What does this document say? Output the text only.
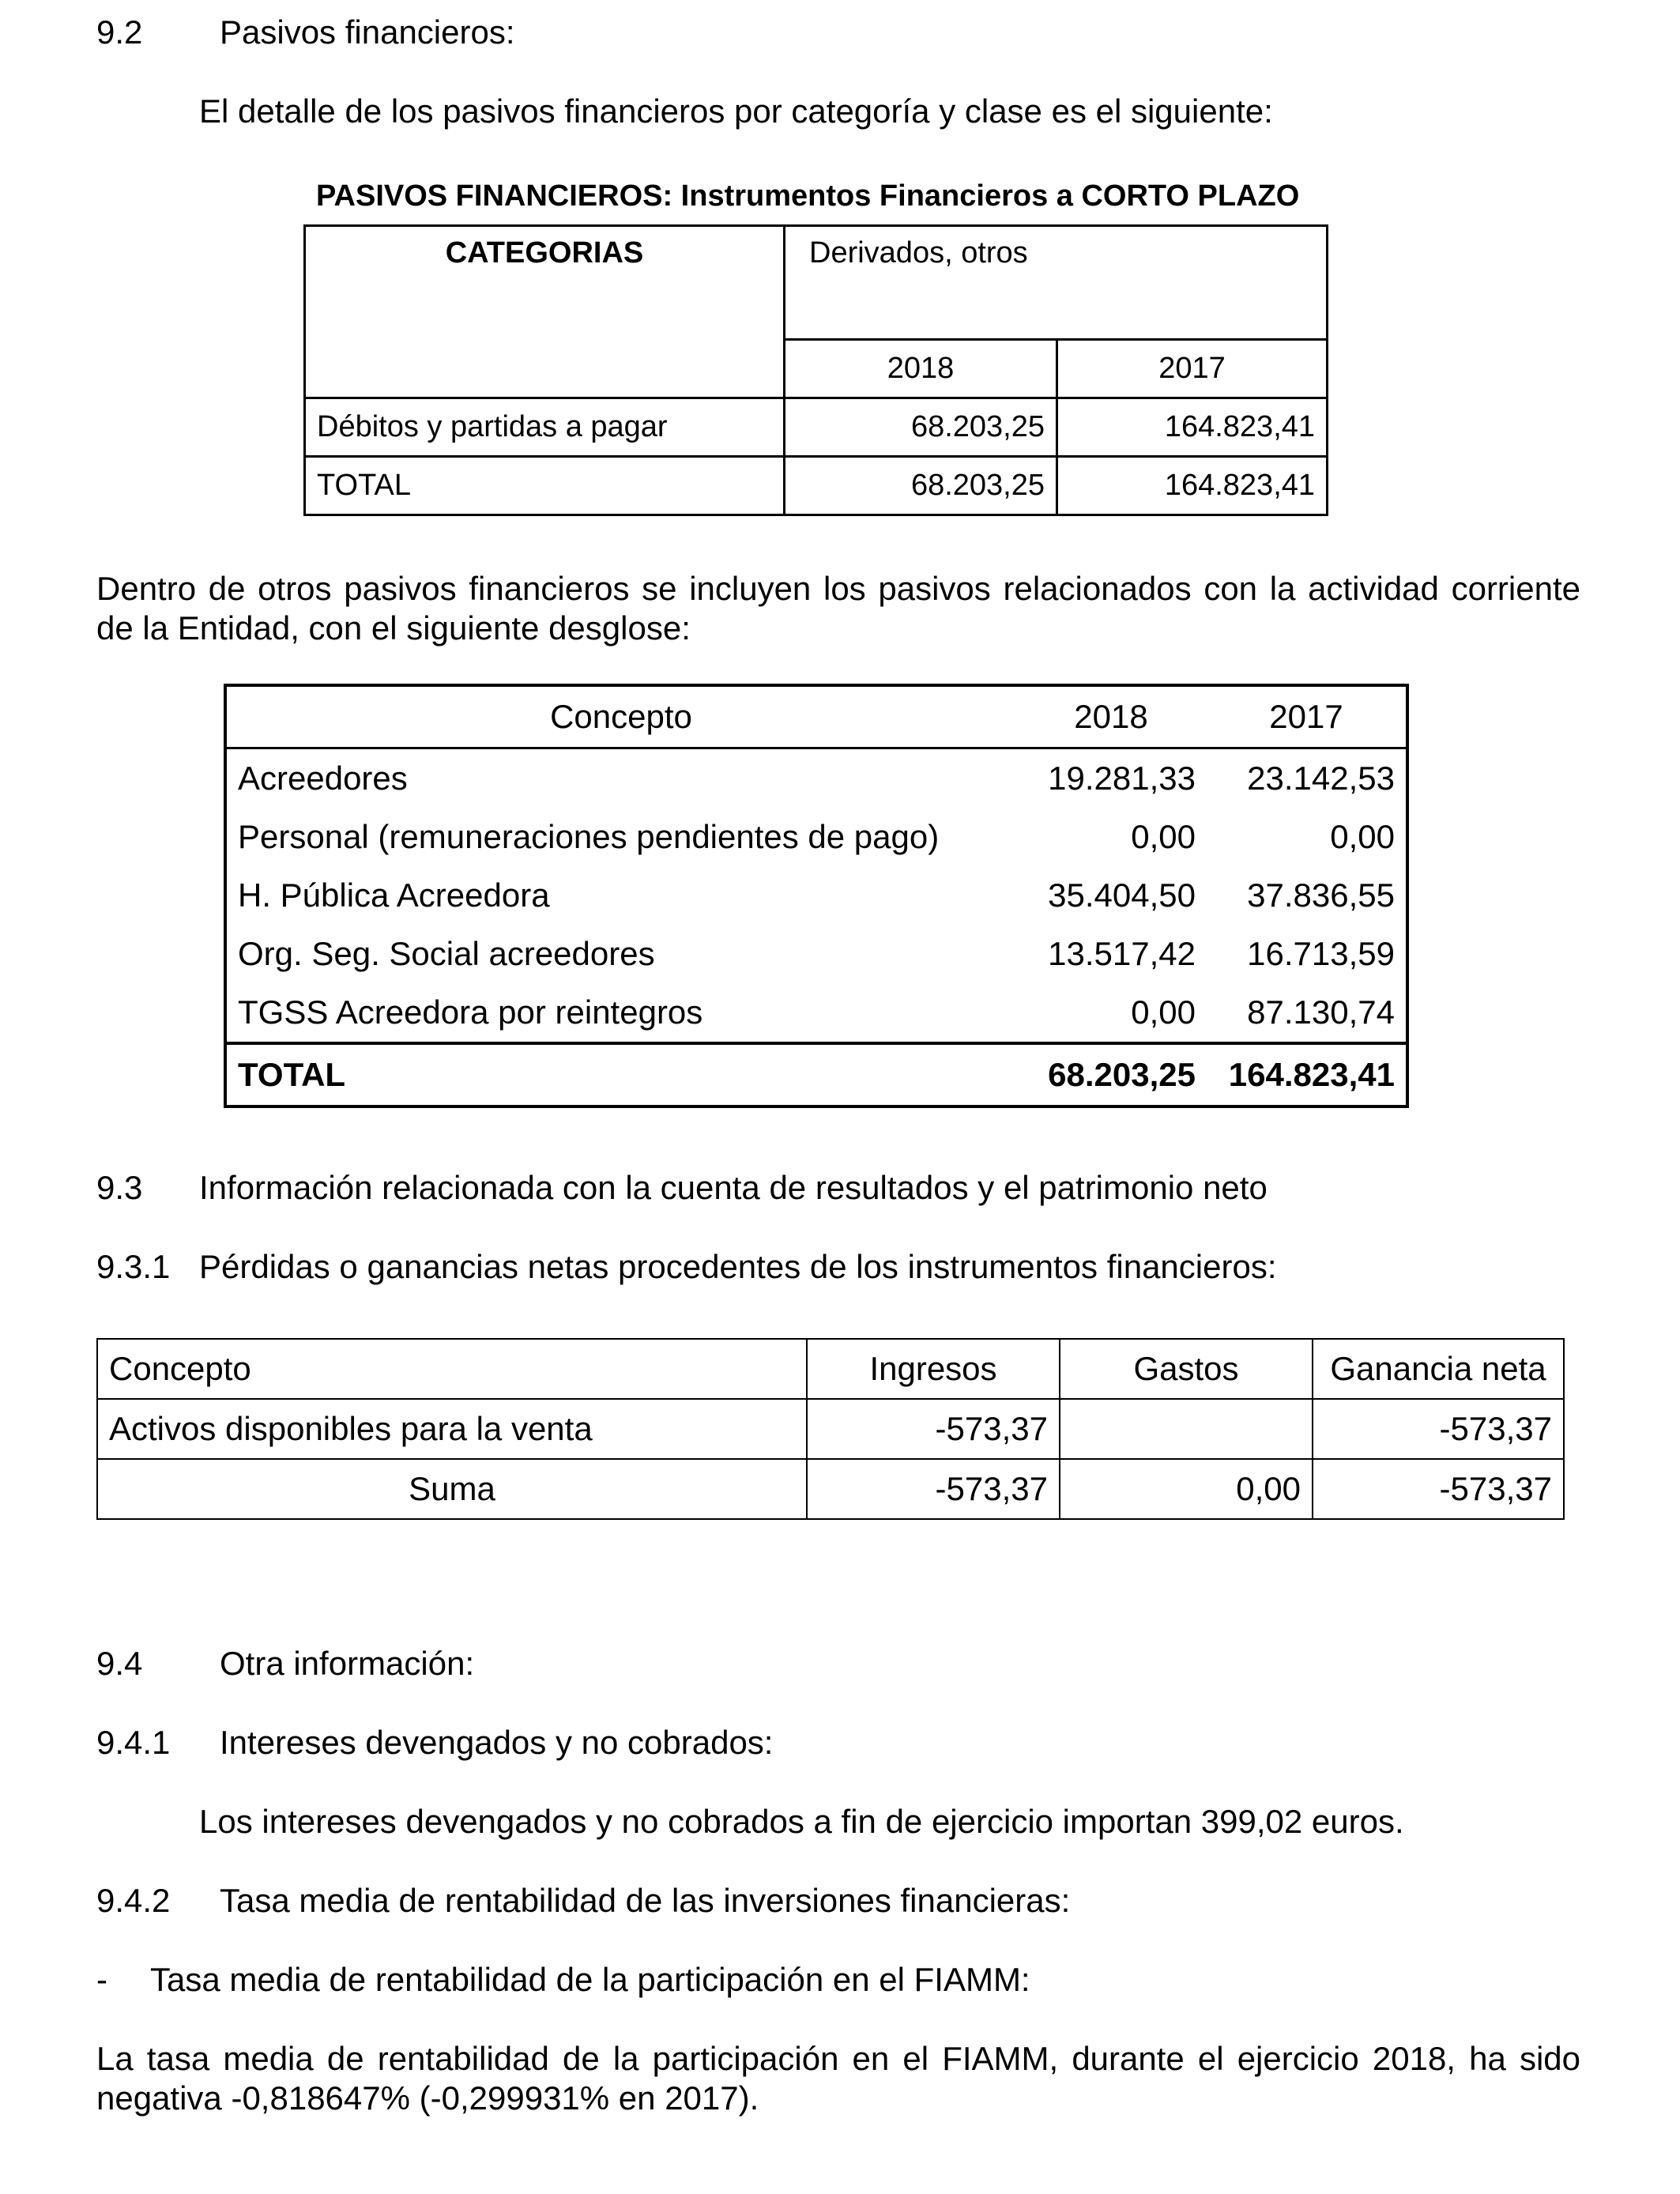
9.2 Pasivos financieros:
El detalle de los pasivos financieros por categoría y clase es el siguiente:
PASIVOS FINANCIEROS: Instrumentos Financieros a CORTO PLAZO
CATEGORIAS	Derivados, otros	
	2018	2017
Débitos y partidas a pagar	68.203,25	164.823,41
TOTAL	68.203,25	164.823,41
Dentro de otros pasivos financieros se incluyen los pasivos relacionados con la actividad corriente de la Entidad, con el siguiente desglose:
Concepto	2018	2017
Acreedores	19.281,33	23.142,53
Personal (remuneraciones pendientes de pago)	0,00	0,00
H. Pública Acreedora	35.404,50	37.836,55
Org. Seg. Social acreedores	13.517,42	16.713,59
TGSS Acreedora por reintegros	0,00	87.130,74
TOTAL	68.203,25	164.823,41
9.3 Información relacionada con la cuenta de resultados y el patrimonio neto
9.3.1 Pérdidas o ganancias netas procedentes de los instrumentos financieros:
Concepto	Ingresos	Gastos	Ganancia neta
Activos disponibles para la venta	-573,37		-573,37
Suma	-573,37	0,00	-573,37
9.4 Otra información:
9.4.1 Intereses devengados y no cobrados:
Los intereses devengados y no cobrados a fin de ejercicio importan 399,02 euros.
9.4.2 Tasa media de rentabilidad de las inversiones financieras:
- Tasa media de rentabilidad de la participación en el FIAMM:
La tasa media de rentabilidad de la participación en el FIAMM, durante el ejercicio 2018, ha sido negativa -0,818647% (-0,299931% en 2017).
